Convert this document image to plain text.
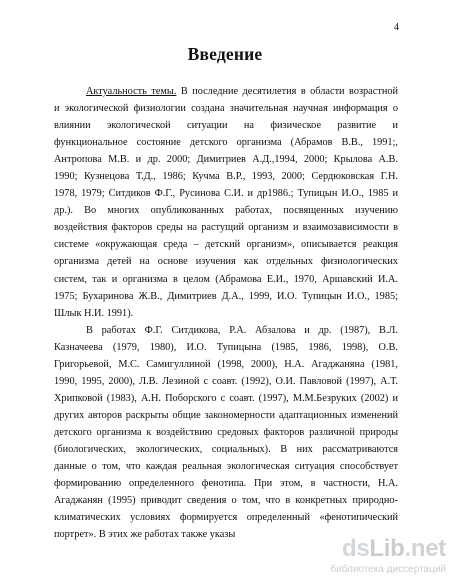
4
Введение
Актуальность темы. В последние десятилетия в области возрастной
и экологической физиологии создана значительная научная информация о
влиянии экологической ситуации на физическое развитие и
функциональное состояние детского организма (Абрамов В.В., 1991;,
Антропова М.В. и др. 2000; Димитриев А.Д.,1994, 2000; Крылова А.В.
1990; Кузнецова Т.Д., 1986; Кучма В.Р., 1993, 2000; Сердюковская Г.Н.
1978, 1979; Ситдиков Ф.Г., Русинова С.И. и др1986.; Тупицын И.О., 1985 и
др.). Во многих опубликованных работах, посвященных изучению
воздействия факторов среды на растущий организм и взаимозависимости в
системе «окружающая среда – детский организм», описывается реакция
организма детей на основе изучения как отдельных физиологических
систем, так и организма в целом (Абрамова Е.И., 1970, Аршавский И.А.
1975; Бухаринова Ж.В., Димитриев Д.А., 1999, И.О. Тупицын И.О., 1985;
Шлык Н.И. 1991).
В работах Ф.Г. Ситдикова, Р.А. Абзалова и др. (1987), В.Л.
Казначеева (1979, 1980), И.О. Тупицына (1985, 1986, 1998), О.В.
Григорьевой, М.С. Самигуллиной (1998, 2000), Н.А. Агаджаняна (1981,
1990, 1995, 2000), Л.В. Лезиной с соавт. (1992), О.И. Павловой (1997), А.Т.
Хрипковой (1983), А.Н. Поборского с соавт. (1997), М.М.Безруких (2002) и
других авторов раскрыты общие закономерности адаптационных изменений
детского организма к воздействию средовых факторов различной природы
(биологических, экологических, социальных). В них рассматриваются
данные о том, что каждая реальная экологическая ситуация способствует
формированию определенного фенотипа. При этом, в частности, Н.А.
Агаджанян (1995) приводит сведения о том, что в конкретных природно-
климатических условиях формируется определенный «фенотипический
портрет». В этих же работах также указы
dsLib.net
библиотека диссертаций
